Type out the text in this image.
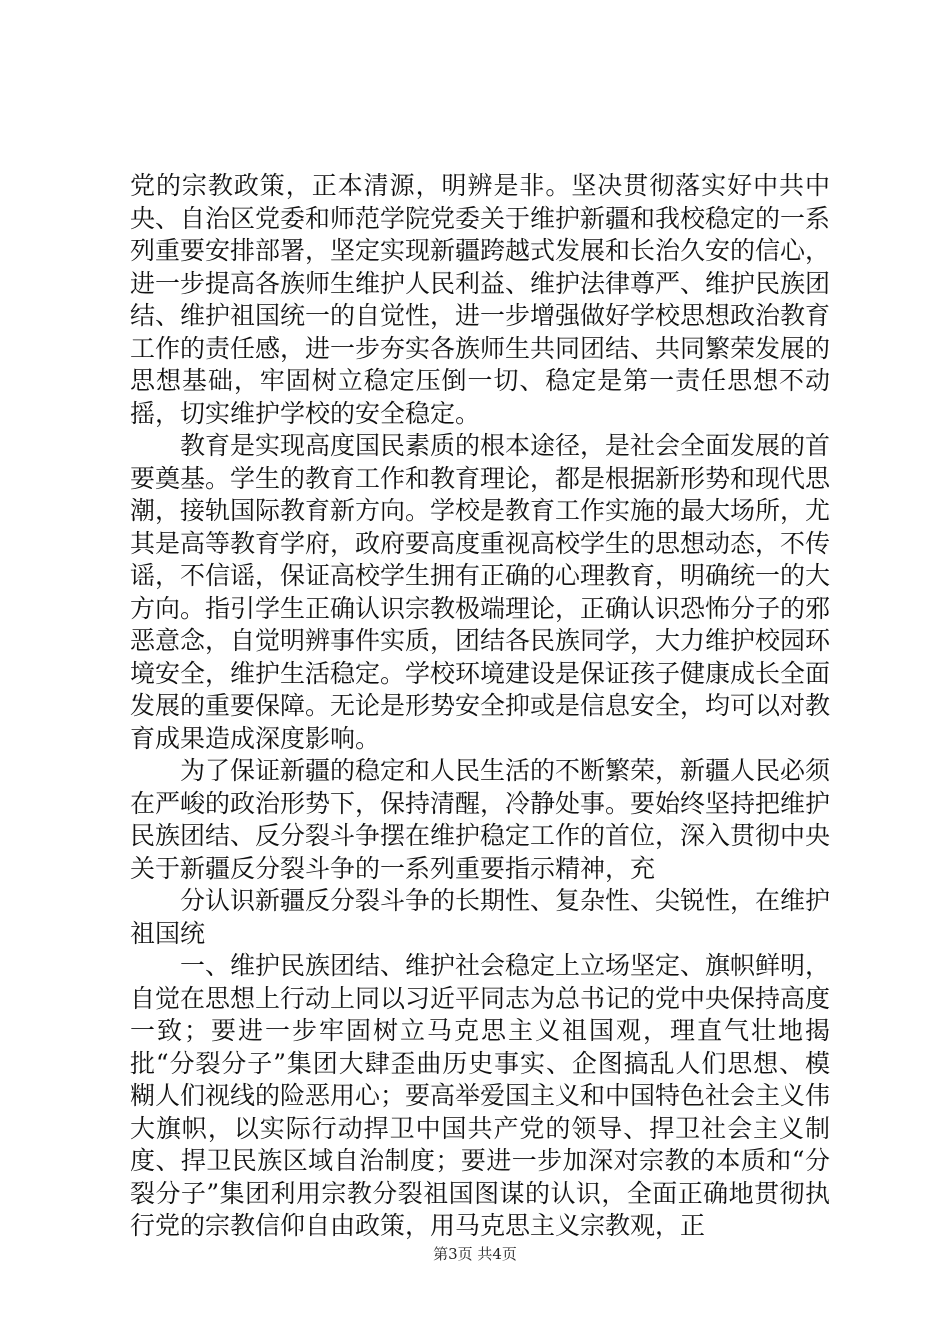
党的宗教政策，正本清源，明辨是非。坚决贯彻落实好中共中央、自治区党委和师范学院党委关于维护新疆和我校稳定的一系列重要安排部署，坚定实现新疆跨越式发展和长治久安的信心，进一步提高各族师生维护人民利益、维护法律尊严、维护民族团结、维护祖国统一的自觉性，进一步增强做好学校思想政治教育工作的责任感，进一步夯实各族师生共同团结、共同繁荣发展的思想基础，牢固树立稳定压倒一切、稳定是第一责任思想不动摇，切实维护学校的安全稳定。

教育是实现高度国民素质的根本途径，是社会全面发展的首要奠基。学生的教育工作和教育理论，都是根据新形势和现代思潮，接轨国际教育新方向。学校是教育工作实施的最大场所，尤其是高等教育学府，政府要高度重视高校学生的思想动态，不传谣，不信谣，保证高校学生拥有正确的心理教育，明确统一的大方向。指引学生正确认识宗教极端理论，正确认识恐怖分子的邪恶意念，自觉明辨事件实质，团结各民族同学，大力维护校园环境安全，维护生活稳定。学校环境建设是保证孩子健康成长全面发展的重要保障。无论是形势安全抑或是信息安全，均可以对教育成果造成深度影响。

为了保证新疆的稳定和人民生活的不断繁荣，新疆人民必须在严峻的政治形势下，保持清醒，冷静处事。要始终坚持把维护民族团结、反分裂斗争摆在维护稳定工作的首位，深入贯彻中央关于新疆反分裂斗争的一系列重要指示精神，充

分认识新疆反分裂斗争的长期性、复杂性、尖锐性，在维护祖国统

一、维护民族团结、维护社会稳定上立场坚定、旗帜鲜明，自觉在思想上行动上同以习近平同志为总书记的党中央保持高度一致；要进一步牢固树立马克思主义祖国观，理直气壮地揭批“分裂分子”集团大肆歪曲历史事实、企图搞乱人们思想、模糊人们视线的险恶用心；要高举爱国主义和中国特色社会主义伟大旗帜，以实际行动捍卫中国共产党的领导、捍卫社会主义制度、捍卫民族区域自治制度；要进一步加深对宗教的本质和“分裂分子”集团利用宗教分裂祖国图谋的认识，全面正确地贯彻执行党的宗教信仰自由政策，用马克思主义宗教观，正

第3页 共4页
